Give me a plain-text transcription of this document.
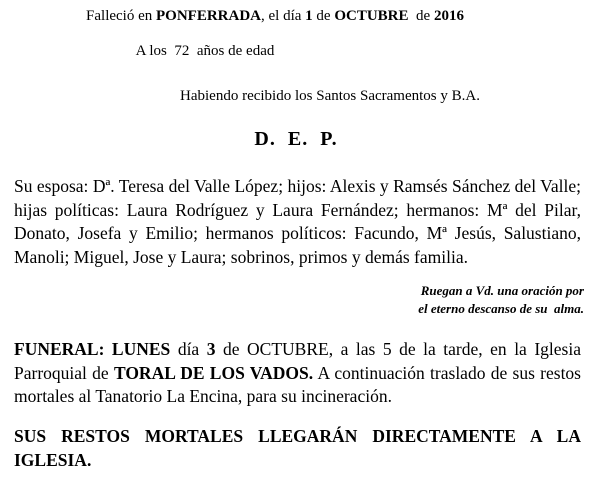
Falleció en PONFERRADA, el día 1 de OCTUBRE  de 2016
A los  72  años de edad
Habiendo recibido los Santos Sacramentos y B.A.
D.  E.  P.
Su esposa: Dª. Teresa del Valle López; hijos: Alexis y Ramsés Sánchez del Valle; hijas políticas: Laura Rodríguez y Laura Fernández; hermanos: Mª del Pilar, Donato, Josefa y Emilio; hermanos políticos: Facundo, Mª Jesús, Salustiano, Manoli; Miguel, Jose y Laura; sobrinos, primos y demás familia.
Ruegan a Vd. una oración por
el eterno descanso de su  alma.
FUNERAL: LUNES día 3 de OCTUBRE, a las 5 de la tarde, en la Iglesia Parroquial de TORAL DE LOS VADOS. A continuación traslado de sus restos mortales al Tanatorio La Encina, para su incineración.
SUS RESTOS MORTALES LLEGARÁN DIRECTAMENTE A LA IGLESIA.
